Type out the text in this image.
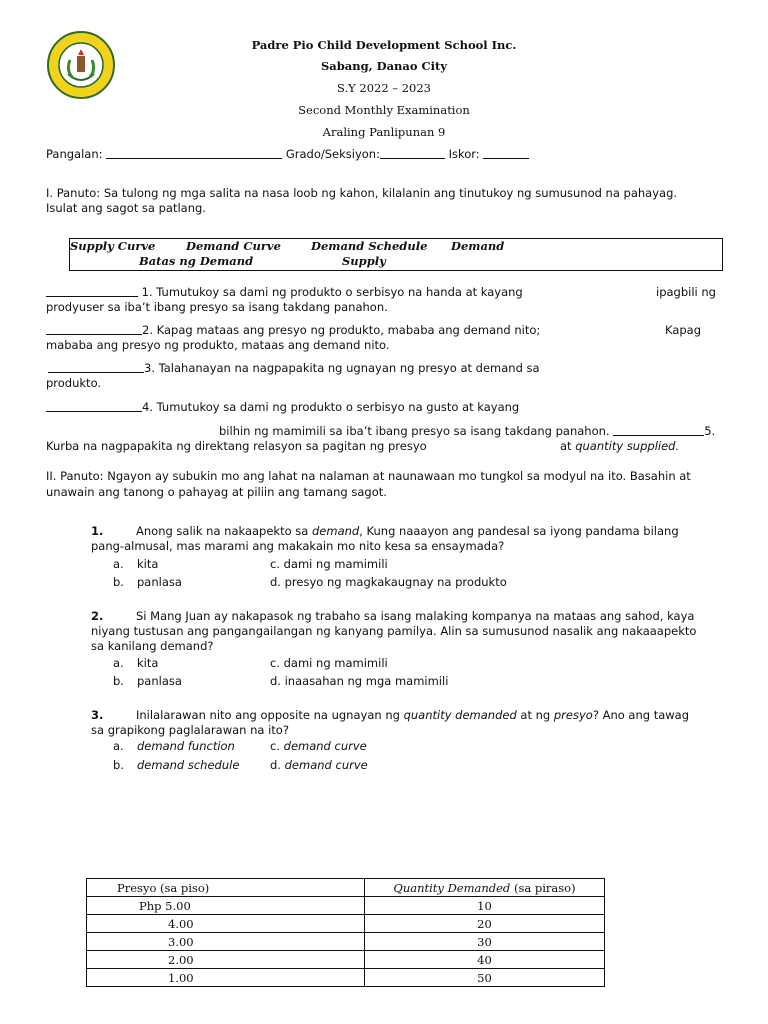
Padre Pio Child Development School Inc.
Sabang, Danao City
S.Y 2022 – 2023
Second Monthly Examination
Araling Panlipunan 9
Pangalan:	Grado/Seksiyon:	Iskor:
I. Panuto: Sa tulong ng mga salita na nasa loob ng kahon, kilalanin ang tinutukoy ng sumusunod na pahayag.
Isulat ang sagot sa patlang.
Supply Curve	Demand Curve	Demand Schedule Demand
Batas ng Demand	Supply
1. Tumutukoy sa dami ng produkto o serbisyo na handa at kayang	ipagbili ng
prodyuser sa iba’t ibang presyo sa isang takdang panahon.
2. Kapag mataas ang presyo ng produkto, mababa ang demand nito;	Kapag
mababa ang presyo ng produkto, mataas ang demand nito.
3. Talahanayan na nagpapakita ng ugnayan ng presyo at demand sa
produkto.
4. Tumutukoy sa dami ng produkto o serbisyo na gusto at kayang
bilhin ng mamimili sa iba’t ibang presyo sa isang takdang panahon.	5.
Kurba na nagpapakita ng direktang relasyon sa pagitan ng presyo	at quantity supplied.
II. Panuto: Ngayon ay subukin mo ang lahat na nalaman at naunawaan mo tungkol sa modyul na ito. Basahin at
unawain ang tanong o pahayag at piliin ang tamang sagot.
1.	Anong salik na nakaapekto sa demand, Kung naaayon ang pandesal sa iyong pandama bilang
pang-almusal, mas marami ang makakain mo nito kesa sa ensaymada?
a. kita	c. dami ng mamimili
b. panlasa	d. presyo ng magkakaugnay na produkto
2.	Si Mang Juan ay nakapasok ng trabaho sa isang malaking kompanya na mataas ang sahod, kaya
niyang tustusan ang pangangailangan ng kanyang pamilya. Alin sa sumusunod nasalik ang nakaaapekto
sa kanilang demand?
a. kita	c. dami ng mamimili
b. panlasa	d. inaasahan ng mga mamimili
3.	Inilalarawan nito ang opposite na ugnayan ng quantity demanded at ng presyo? Ano ang tawag
sa grapikong paglalarawan na ito?
a. demand function	c. demand curve
b. demand schedule	d. demand curve
Presyo (sa piso)	Quantity Demanded (sa piraso)
Php 5.00	10
4.00	20
3.00	30
2.00	40
1.00	50
